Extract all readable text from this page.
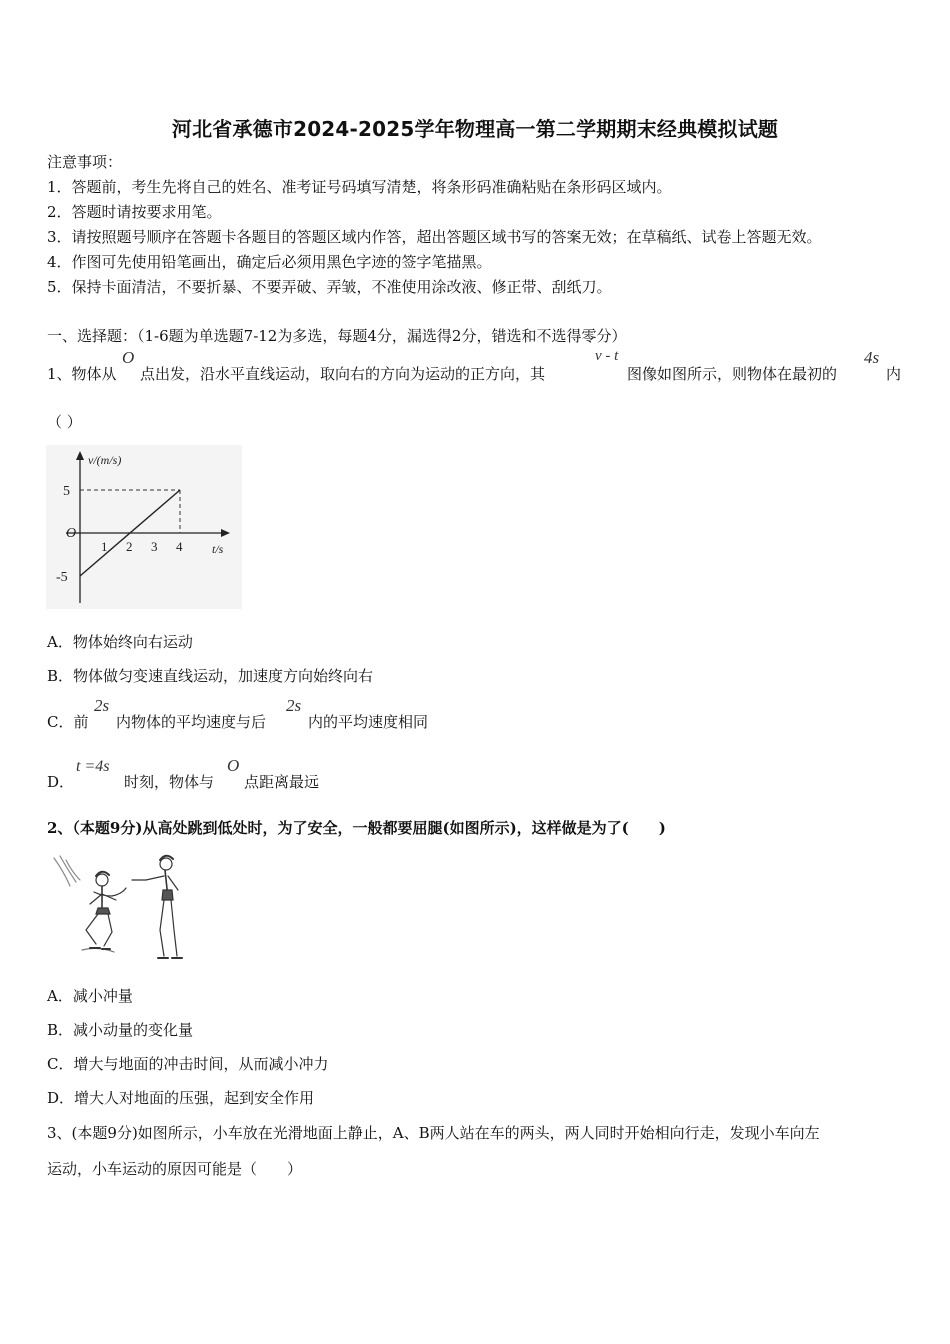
河北省承德市2024-2025学年物理高一第二学期期末经典模拟试题
注意事项：
1．答题前，考生先将自己的姓名、准考证号码填写清楚，将条形码准确粘贴在条形码区域内。
2．答题时请按要求用笔。
3．请按照题号顺序在答题卡各题目的答题区域内作答，超出答题区域书写的答案无效；在草稿纸、试卷上答题无效。
4．作图可先使用铅笔画出，确定后必须用黑色字迹的签字笔描黑。
5．保持卡面清洁，不要折暴、不要弄破、弄皱，不准使用涂改液、修正带、刮纸刀。
一、选择题：（1-6题为单选题7-12为多选，每题4分，漏选得2分，错选和不选得零分）
1、物体从
O
点出发，沿水平直线运动，取向右的方向为运动的正方向，其
v - t
图像如图所示，则物体在最初的
4s
内
（ ）
v/(m/s)
t/s
O
5
-5
1 2 3 4
A．物体始终向右运动
B．物体做匀变速直线运动，加速度方向始终向右
C．前
2s
内物体的平均速度与后
2s
内的平均速度相同
D．
t =4s
时刻，物体与
O
点距离最远
2、（本题9分)从高处跳到低处时，为了安全，一般都要屈腿(如图所示)，这样做是为了(　　)
A．减小冲量
B．减小动量的变化量
C．增大与地面的冲击时间，从而减小冲力
D．增大人对地面的压强，起到安全作用
3、(本题9分)如图所示，小车放在光滑地面上静止，A、B两人站在车的两头，两人同时开始相向行走，发现小车向左
运动，小车运动的原因可能是（　　）
